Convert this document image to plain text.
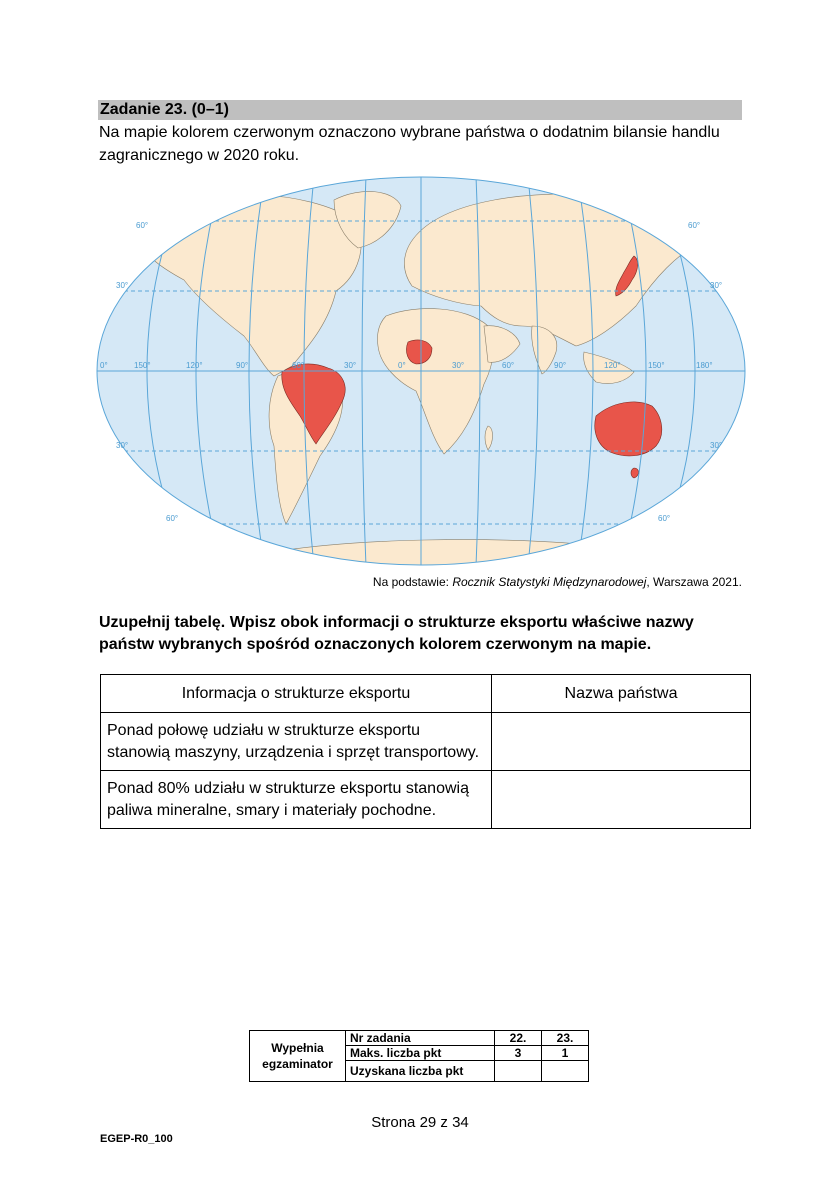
Zadanie 23. (0–1)
Na mapie kolorem czerwonym oznaczono wybrane państwa o dodatnim bilansie handlu zagranicznego w 2020 roku.
150°	120°	90°	60°	30°	0°	30°	60°	90°	120°	150°	180°
60°
30°
0°
30°
60°
60°
30°
30°
60°
Na podstawie: Rocznik Statystyki Międzynarodowej, Warszawa 2021.
Uzupełnij tabelę. Wpisz obok informacji o strukturze eksportu właściwe nazwy państw wybranych spośród oznaczonych kolorem czerwonym na mapie.
Informacja o strukturze eksportu	Nazwa państwa
Ponad połowę udziału w strukturze eksportu stanowią maszyny, urządzenia i sprzęt transportowy.	
Ponad 80% udziału w strukturze eksportu stanowią paliwa mineralne, smary i materiały pochodne.	
Wypełnia egzaminator	Nr zadania	22.	23.
	Maks. liczba pkt	3	1
	Uzyskana liczba pkt		
Strona 29 z 34
EGEP-R0_100
